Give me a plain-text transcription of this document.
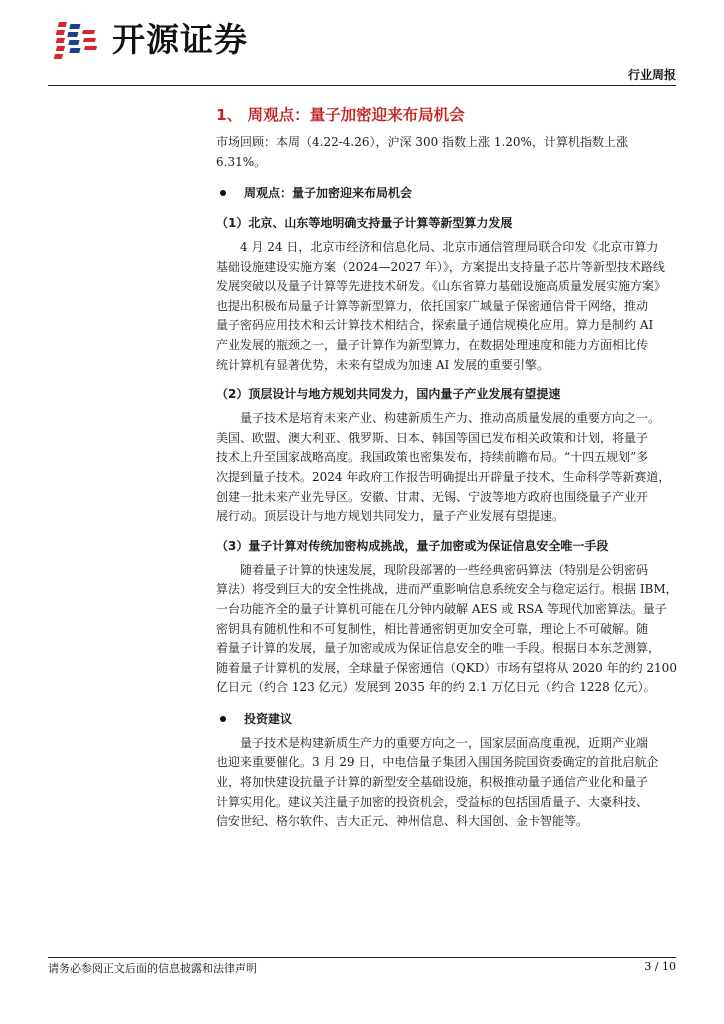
开源证券
行业周报
1、 周观点：量子加密迎来布局机会
市场回顾：本周（4.22-4.26），沪深 300 指数上涨 1.20%，计算机指数上涨 6.31%。
周观点：量子加密迎来布局机会
（1）北京、山东等地明确支持量子计算等新型算力发展

4 月 24 日，北京市经济和信息化局、北京市通信管理局联合印发《北京市算力

基础设施建设实施方案（2024—2027 年）》，方案提出支持量子芯片等新型技术路线

发展突破以及量子计算等先进技术研发。《山东省算力基础设施高质量发展实施方案》

也提出积极布局量子计算等新型算力，依托国家广域量子保密通信骨干网络，推动

量子密码应用技术和云计算技术相结合，探索量子通信规模化应用。算力是制约 AI

产业发展的瓶颈之一，量子计算作为新型算力，在数据处理速度和能力方面相比传

统计算机有显著优势，未来有望成为加速 AI 发展的重要引擎。

（2）顶层设计与地方规划共同发力，国内量子产业发展有望提速

量子技术是培育未来产业、构建新质生产力、推动高质量发展的重要方向之一。

美国、欧盟、澳大利亚、俄罗斯、日本、韩国等国已发布相关政策和计划，将量子

技术上升至国家战略高度。我国政策也密集发布，持续前瞻布局。“十四五规划”多

次提到量子技术。2024 年政府工作报告明确提出开辟量子技术、生命科学等新赛道，

创建一批未来产业先导区。安徽、甘肃、无锡、宁波等地方政府也围绕量子产业开

展行动。顶层设计与地方规划共同发力，量子产业发展有望提速。

（3）量子计算对传统加密构成挑战，量子加密或为保证信息安全唯一手段

随着量子计算的快速发展，现阶段部署的一些经典密码算法（特别是公钥密码

算法）将受到巨大的安全性挑战，进而严重影响信息系统安全与稳定运行。根据 IBM，

一台功能齐全的量子计算机可能在几分钟内破解 AES 或 RSA 等现代加密算法。量子

密钥具有随机性和不可复制性，相比普通密钥更加安全可靠，理论上不可破解。随

着量子计算的发展，量子加密或成为保证信息安全的唯一手段。根据日本东芝测算，

随着量子计算机的发展，全球量子保密通信（QKD）市场有望将从 2020 年的约 2100

亿日元（约合 123 亿元）发展到 2035 年的约 2.1 万亿日元（约合 1228 亿元）。

投资建议

量子技术是构建新质生产力的重要方向之一，国家层面高度重视，近期产业端

也迎来重要催化。3 月 29 日，中电信量子集团入围国务院国资委确定的首批启航企

业，将加快建设抗量子计算的新型安全基础设施，积极推动量子通信产业化和量子

计算实用化。建议关注量子加密的投资机会，受益标的包括国盾量子、大豪科技、

信安世纪、格尔软件、吉大正元、神州信息、科大国创、金卡智能等。

请务必参阅正文后面的信息披露和法律声明	3 / 10
